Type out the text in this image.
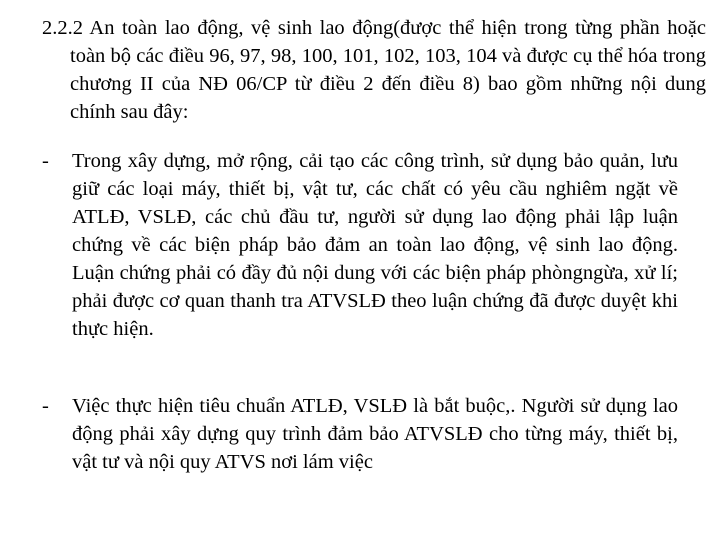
2.2.2 An toàn lao động, vệ sinh lao động(được thể hiện trong từng phần hoặc toàn bộ các điều 96, 97, 98, 100, 101, 102, 103, 104 và được cụ thể hóa trong chương II của NĐ 06/CP từ điều 2 đến điều 8) bao gồm những nội dung chính sau đây:

- Trong xây dựng, mở rộng, cải tạo các công trình, sử dụng bảo quản, lưu giữ các loại máy, thiết bị, vật tư, các chất có yêu cầu nghiêm ngặt về ATLĐ, VSLĐ, các chủ đầu tư, người sử dụng lao động phải lập luận chứng về các biện pháp bảo đảm an toàn lao động, vệ sinh lao động. Luận chứng phải có đầy đủ nội dung với các biện pháp phòngngừa, xử lí; phải được cơ quan thanh tra ATVSLĐ theo luận chứng đã được duyệt khi thực hiện.
- Việc thực hiện tiêu chuẩn ATLĐ, VSLĐ là bắt buộc,. Người sử dụng lao động phải xây dựng quy trình đảm bảo ATVSLĐ cho từng máy, thiết bị, vật tư và nội quy ATVS nơi lám việc
